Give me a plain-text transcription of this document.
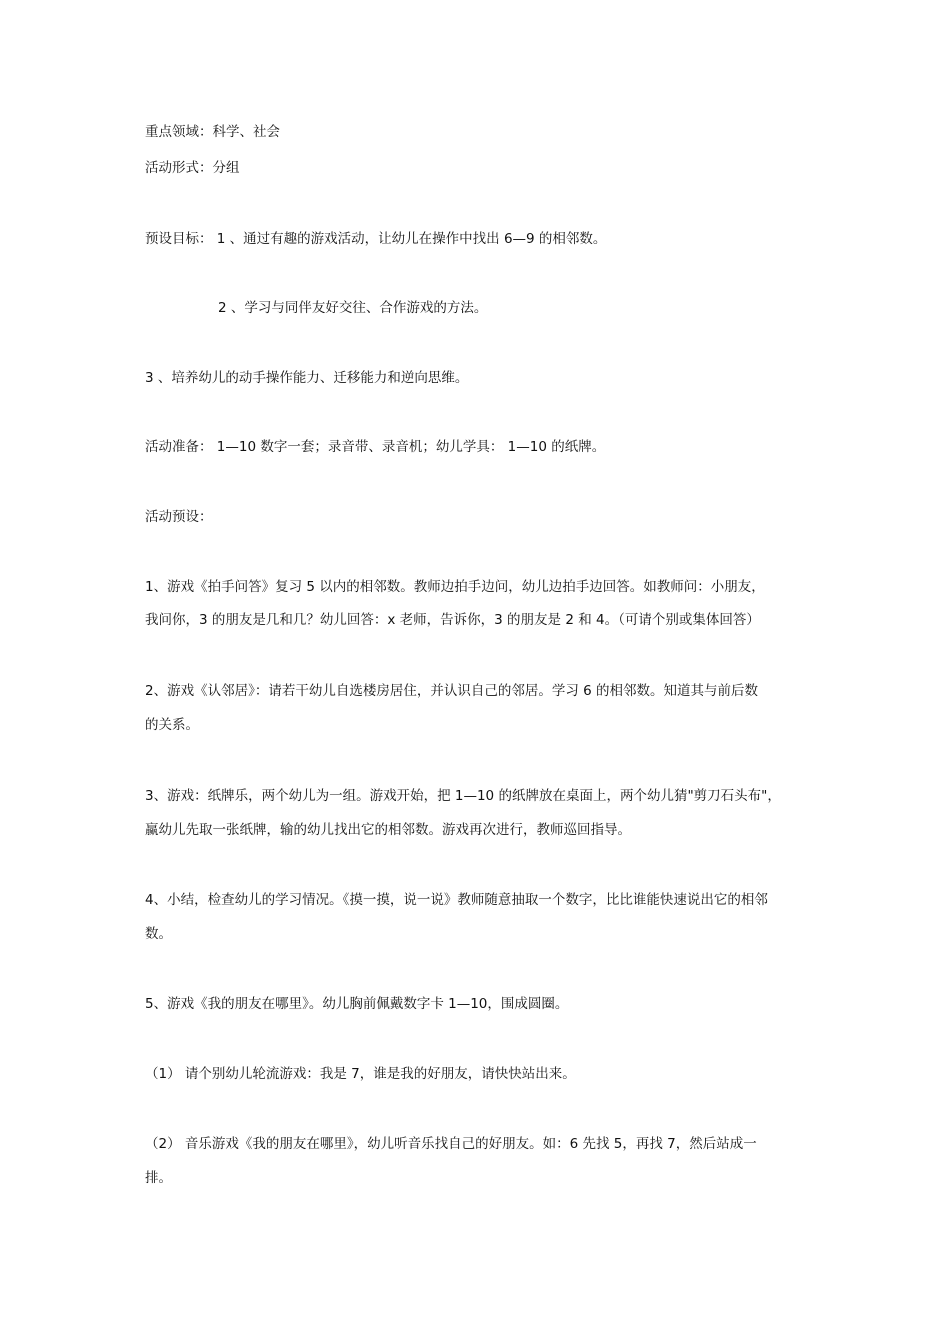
重点领域：科学、社会
活动形式：分组
预设目标： 1 、通过有趣的游戏活动，让幼儿在操作中找出 6—9 的相邻数。
2 、学习与同伴友好交往、合作游戏的方法。
3 、培养幼儿的动手操作能力、迁移能力和逆向思维。
活动准备： 1—10 数字一套；录音带、录音机；幼儿学具： 1—10 的纸牌。
活动预设：
1、游戏《拍手问答》复习 5 以内的相邻数。教师边拍手边问，幼儿边拍手边回答。如教师问：小朋友，
我问你，3 的朋友是几和几？幼儿回答：x 老师，告诉你，3 的朋友是 2 和 4。（可请个别或集体回答）
2、游戏《认邻居》：请若干幼儿自选楼房居住，并认识自己的邻居。学习 6 的相邻数。知道其与前后数
的关系。
3、游戏：纸牌乐，两个幼儿为一组。游戏开始，把 1—10 的纸牌放在桌面上，两个幼儿猜"剪刀石头布"，
赢幼儿先取一张纸牌，输的幼儿找出它的相邻数。游戏再次进行，教师巡回指导。
4、小结，检查幼儿的学习情况。《摸一摸，说一说》教师随意抽取一个数字，比比谁能快速说出它的相邻
数。
5、游戏《我的朋友在哪里》。幼儿胸前佩戴数字卡 1—10，围成圆圈。
（1） 请个别幼儿轮流游戏：我是 7，谁是我的好朋友，请快快站出来。
（2） 音乐游戏《我的朋友在哪里》，幼儿听音乐找自己的好朋友。如：6 先找 5，再找 7，然后站成一
排。
